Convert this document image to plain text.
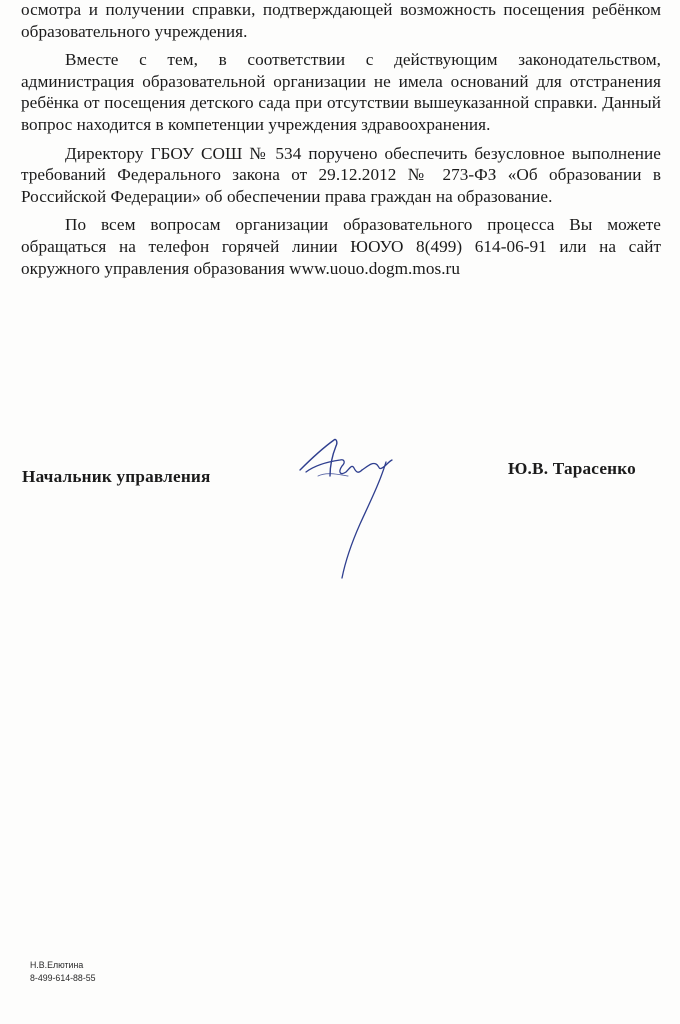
осмотра и получении справки, подтверждающей возможность посещения ребёнком образовательного учреждения.

Вместе с тем, в соответствии с действующим законодательством, администрация образовательной организации не имела оснований для отстранения ребёнка от посещения детского сада при отсутствии вышеуказанной справки. Данный вопрос находится в компетенции учреждения здравоохранения.

Директору ГБОУ СОШ № 534 поручено обеспечить безусловное выполнение требований Федерального закона от 29.12.2012 № 273-ФЗ «Об образовании в Российской Федерации» об обеспечении права граждан на образование.

По всем вопросам организации образовательного процесса Вы можете обращаться на телефон горячей линии ЮОУО 8(499) 614-06-91 или на сайт окружного управления образования www.uouo.dogm.mos.ru

Начальник управления	Ю.В. Тарасенко
Н.В.Елютина
8-499-614-88-55
